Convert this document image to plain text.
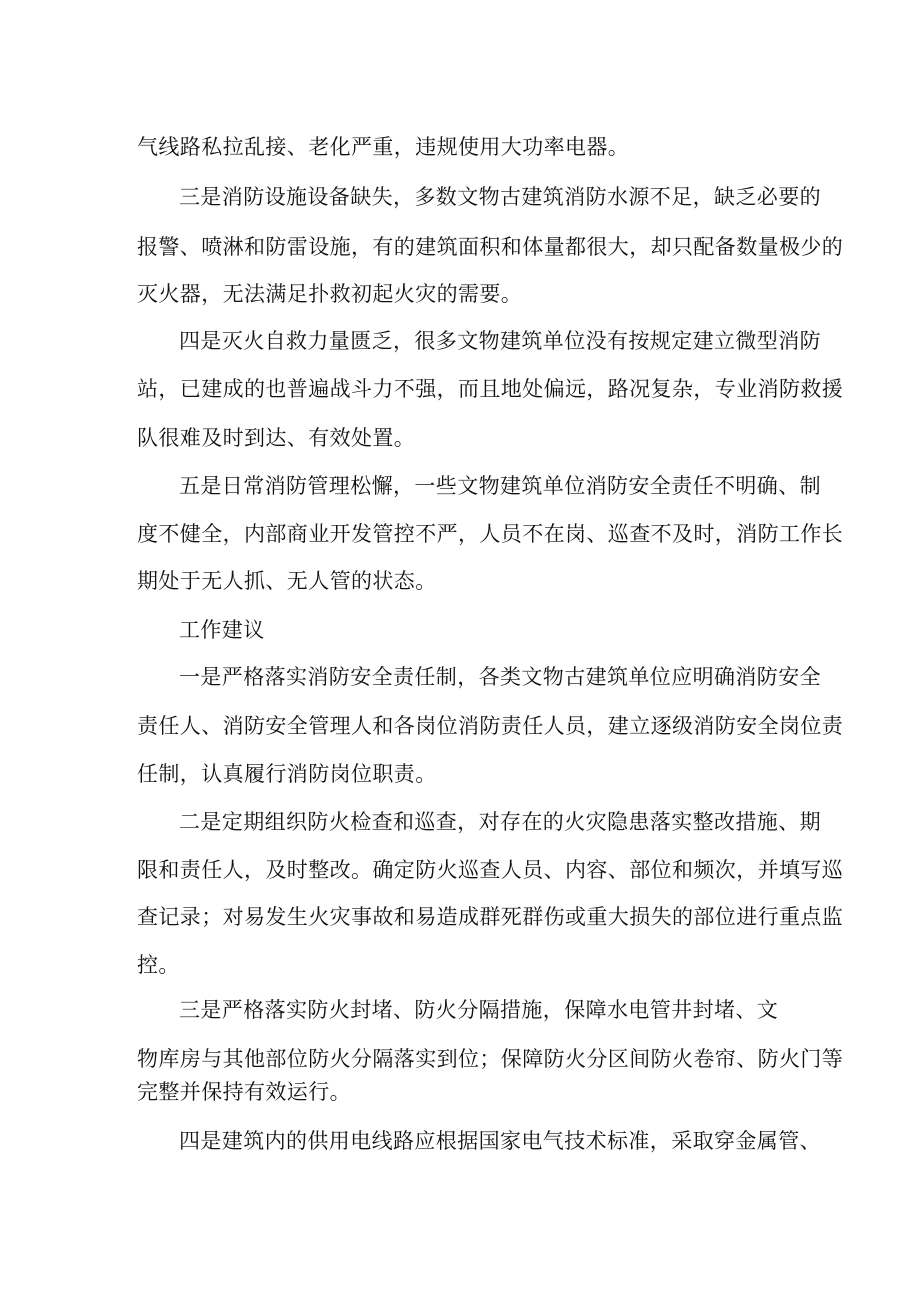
气线路私拉乱接、老化严重，违规使用大功率电器。
三是消防设施设备缺失，多数文物古建筑消防水源不足，缺乏必要的
报警、喷淋和防雷设施，有的建筑面积和体量都很大，却只配备数量极少的
灭火器，无法满足扑救初起火灾的需要。
四是灭火自救力量匮乏，很多文物建筑单位没有按规定建立微型消防
站，已建成的也普遍战斗力不强，而且地处偏远，路况复杂，专业消防救援
队很难及时到达、有效处置。
五是日常消防管理松懈，一些文物建筑单位消防安全责任不明确、制
度不健全，内部商业开发管控不严，人员不在岗、巡查不及时，消防工作长
期处于无人抓、无人管的状态。
工作建议
一是严格落实消防安全责任制，各类文物古建筑单位应明确消防安全
责任人、消防安全管理人和各岗位消防责任人员，建立逐级消防安全岗位责
任制，认真履行消防岗位职责。
二是定期组织防火检查和巡查，对存在的火灾隐患落实整改措施、期
限和责任人，及时整改。确定防火巡查人员、内容、部位和频次，并填写巡
查记录；对易发生火灾事故和易造成群死群伤或重大损失的部位进行重点监
控。
三是严格落实防火封堵、防火分隔措施，保障水电管井封堵、文
物库房与其他部位防火分隔落实到位；保障防火分区间防火卷帘、防火门等
完整并保持有效运行。
四是建筑内的供用电线路应根据国家电气技术标准，采取穿金属管、
